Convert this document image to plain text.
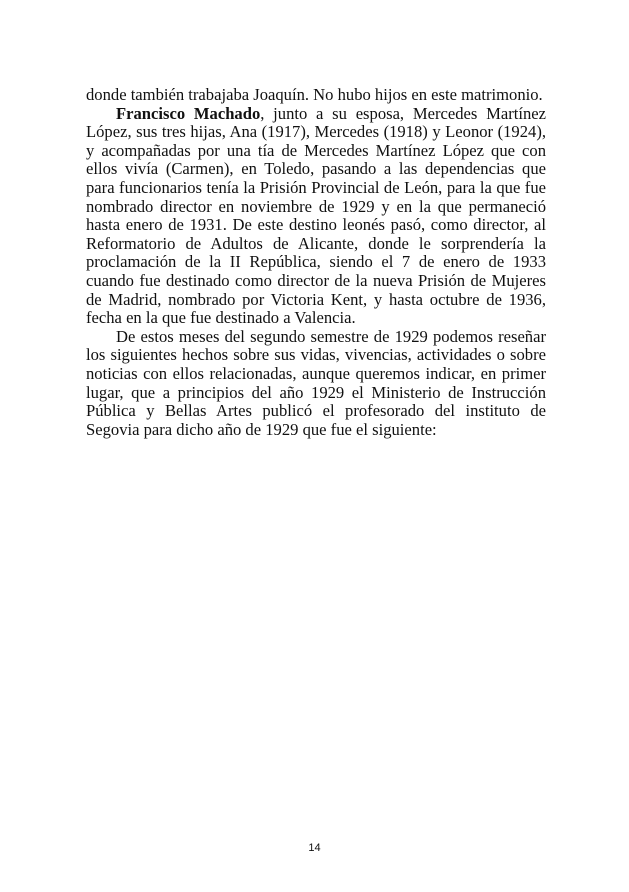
donde también trabajaba Joaquín. No hubo hijos en este matrimonio.

Francisco Machado, junto a su esposa, Mercedes Martínez López, sus tres hijas, Ana (1917), Mercedes (1918) y Leonor (1924), y acompañadas por una tía de Mercedes Martínez López que con ellos vivía (Carmen), en Toledo, pasando a las dependencias que para funcionarios tenía la Prisión Provincial de León, para la que fue nombrado director en noviembre de 1929 y en la que permaneció hasta enero de 1931. De este destino leonés pasó, como director, al Reformatorio de Adultos de Alicante, donde le sorprendería la proclamación de la II República, siendo el 7 de enero de 1933 cuando fue destinado como director de la nueva Prisión de Mujeres de Madrid, nombrado por Victoria Kent, y hasta octubre de 1936, fecha en la que fue destinado a Valencia.

De estos meses del segundo semestre de 1929 podemos reseñar los siguientes hechos sobre sus vidas, vivencias, actividades o sobre noticias con ellos relacionadas, aunque queremos indicar, en primer lugar, que a principios del año 1929 el Ministerio de Instrucción Pública y Bellas Artes publicó el profesorado del instituto de Segovia para dicho año de 1929 que fue el siguiente:

14
